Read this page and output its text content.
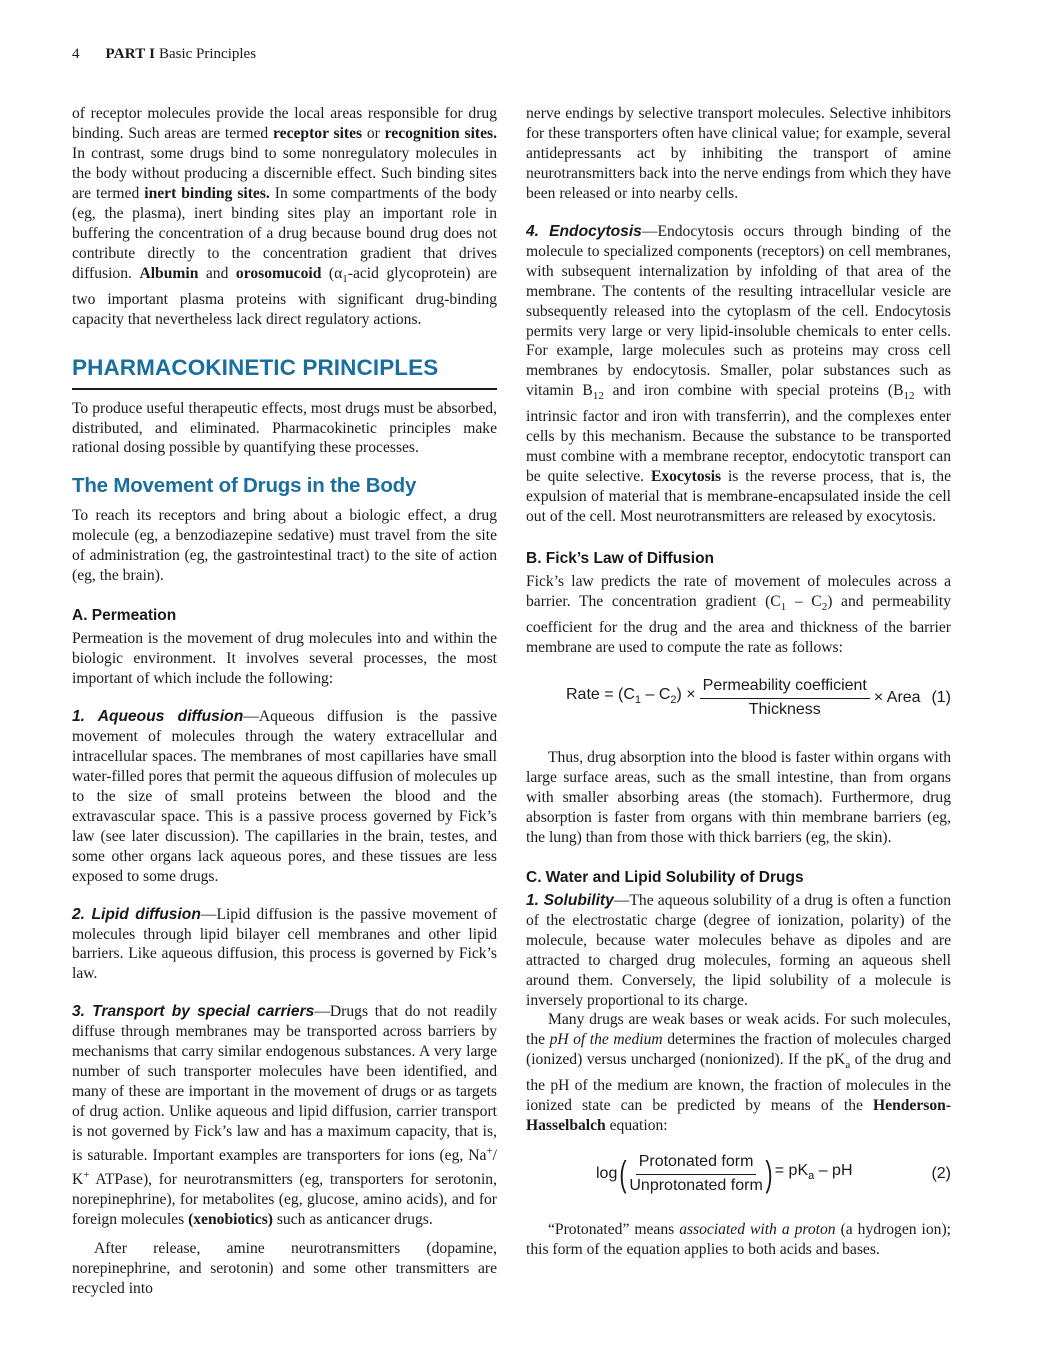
4 PART I Basic Principles

of receptor molecules provide the local areas responsible for drug binding. Such areas are termed receptor sites or recognition sites. In contrast, some drugs bind to some nonregulatory molecules in the body without producing a discernible effect. Such binding sites are termed inert binding sites. In some compartments of the body (eg, the plasma), inert binding sites play an important role in buffering the concentration of a drug because bound drug does not contribute directly to the concentration gradient that drives diffusion. Albumin and orosomucoid ($\alpha_1$-acid glycoprotein) are two important plasma proteins with significant drug-binding capacity that nevertheless lack direct regulatory actions.

PHARMACOKINETIC PRINCIPLES

To produce useful therapeutic effects, most drugs must be absorbed, distributed, and eliminated. Pharmacokinetic principles make rational dosing possible by quantifying these processes.

The Movement of Drugs in the Body

To reach its receptors and bring about a biologic effect, a drug molecule (eg, a benzodiazepine sedative) must travel from the site of administration (eg, the gastrointestinal tract) to the site of action (eg, the brain).

A. Permeation

Permeation is the movement of drug molecules into and within the biologic environment. It involves several processes, the most important of which include the following:

1. Aqueous diffusion—Aqueous diffusion is the passive movement of molecules through the watery extracellular and intracellular spaces. The membranes of most capillaries have small water-filled pores that permit the aqueous diffusion of molecules up to the size of small proteins between the blood and the extravascular space. This is a passive process governed by Fick’s law (see later discussion). The capillaries in the brain, testes, and some other organs lack aqueous pores, and these tissues are less exposed to some drugs.

2. Lipid diffusion—Lipid diffusion is the passive movement of molecules through lipid bilayer cell membranes and other lipid barriers. Like aqueous diffusion, this process is governed by Fick’s law.

3. Transport by special carriers—Drugs that do not readily diffuse through membranes may be transported across barriers by mechanisms that carry similar endogenous substances. A very large number of such transporter molecules have been identified, and many of these are important in the movement of drugs or as targets of drug action. Unlike aqueous and lipid diffusion, carrier transport is not governed by Fick’s law and has a maximum capacity, that is, is saturable. Important examples are transporters for ions (eg, Na+/ K+ ATPase), for neurotransmitters (eg, transporters for serotonin, norepinephrine), for metabolites (eg, glucose, amino acids), and for foreign molecules (xenobiotics) such as anticancer drugs.

After release, amine neurotransmitters (dopamine, norepinephrine, and serotonin) and some other transmitters are recycled into

nerve endings by selective transport molecules. Selective inhibitors for these transporters often have clinical value; for example, several antidepressants act by inhibiting the transport of amine neurotransmitters back into the nerve endings from which they have been released or into nearby cells.

4. Endocytosis—Endocytosis occurs through binding of the molecule to specialized components (receptors) on cell membranes, with subsequent internalization by infolding of that area of the membrane. The contents of the resulting intracellular vesicle are subsequently released into the cytoplasm of the cell. Endocytosis permits very large or very lipid-insoluble chemicals to enter cells. For example, large molecules such as proteins may cross cell membranes by endocytosis. Smaller, polar substances such as vitamin $B_{12}$ and iron combine with special proteins ($B_{12}$ with intrinsic factor and iron with transferrin), and the complexes enter cells by this mechanism. Because the substance to be transported must combine with a membrane receptor, endocytotic transport can be quite selective. Exocytosis is the reverse process, that is, the expulsion of material that is membrane-encapsulated inside the cell out of the cell. Most neurotransmitters are released by exocytosis.

B. Fick’s Law of Diffusion

Fick’s law predicts the rate of movement of molecules across a barrier. The concentration gradient $(C_1 - C_2)$ and permeability coefficient for the drug and the area and thickness of the barrier membrane are used to compute the rate as follows:

Rate = $(C_1 - C_2) \times \frac{\text{Permeability coefficient}}{\text{Thickness}}$ × Area (1)

Thus, drug absorption into the blood is faster within organs with large surface areas, such as the small intestine, than from organs with smaller absorbing areas (the stomach). Furthermore, drug absorption is faster from organs with thin membrane barriers (eg, the lung) than from those with thick barriers (eg, the skin).

C. Water and Lipid Solubility of Drugs

1. Solubility—The aqueous solubility of a drug is often a function of the electrostatic charge (degree of ionization, polarity) of the molecule, because water molecules behave as dipoles and are attracted to charged drug molecules, forming an aqueous shell around them. Conversely, the lipid solubility of a molecule is inversely proportional to its charge.

Many drugs are weak bases or weak acids. For such molecules, the pH of the medium determines the fraction of molecules charged (ionized) versus uncharged (nonionized). If the $pK_a$ of the drug and the pH of the medium are known, the fraction of molecules in the ionized state can be predicted by means of the Henderson-Hasselbalch equation:

log ( $\frac{\text{Protonated form}}{\text{Unprotonated form}}$ ) = $pK_a$ – pH	(2)

“Protonated” means associated with a proton (a hydrogen ion); this form of the equation applies to both acids and bases.
